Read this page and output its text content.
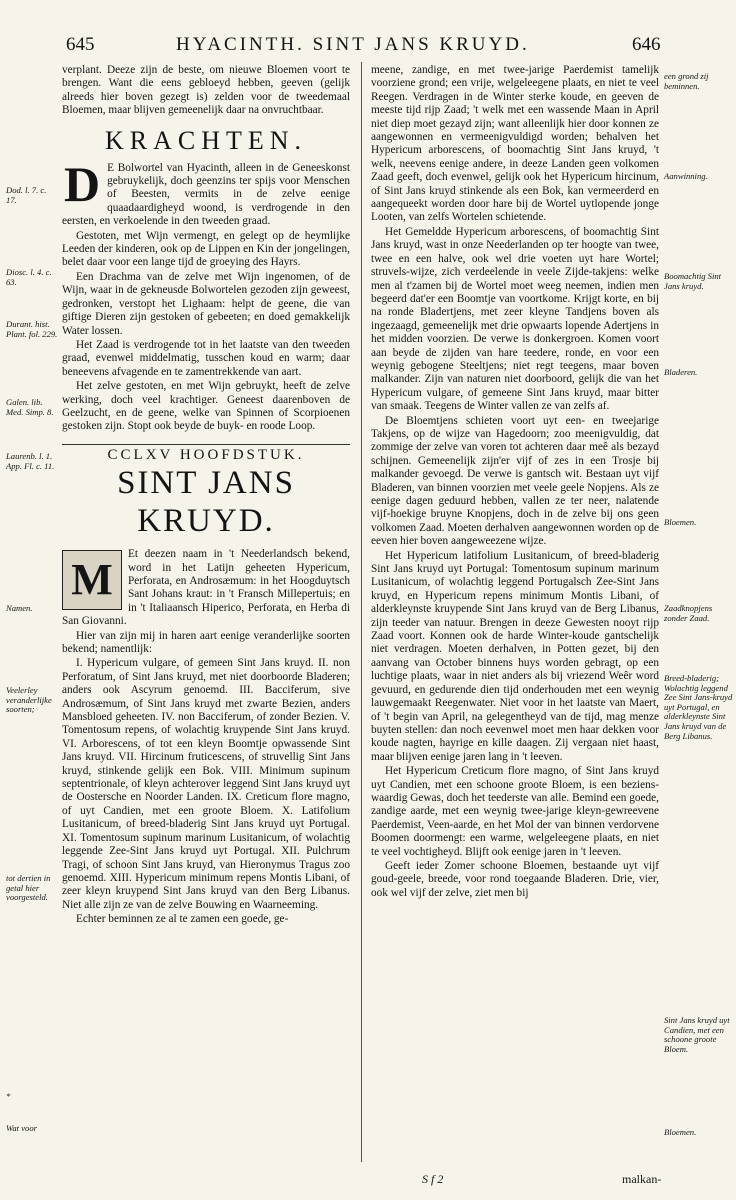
645	HYACINTH. SINT JANS KRUYD.	646

verplant. Deeze zijn de beste, om nieuwe Bloemen voort te brengen. Want die eens gebloeyd hebben, geeven (gelijk alreeds hier boven gezegt is) zelden voor de tweedemaal Bloemen, maar blijven gemeenelijk daar na onvruchtbaar.

KRACHTEN.

D E Bolwortel van Hyacinth, alleen in de Geneeskonst gebruykelijk, doch geenzins ter spijs voor Menschen of Beesten, vermits in de zelve eenige quaadaardigheyd woond, is verdrogende in den eersten, en verkoelende in den tweeden graad.

Gestoten, met Wijn vermengt, en gelegt op de heymlijke Leeden der kinderen, ook op de Lippen en Kin der jongelingen, belet daar voor een lange tijd de groeying des Hayrs.

Een Drachma van de zelve met Wijn ingenomen, of de Wijn, waar in de gekneusde Bolwortelen gezoden zijn geweest, gedronken, verstopt het Lighaam: helpt de geene, die van giftige Dieren zijn gestoken of gebeeten; en doed gemakkelijk Water lossen.

Het Zaad is verdrogende tot in het laatste van den tweeden graad, evenwel middelmatig, tusschen koud en warm; daar beneevens afvagende en te zamentrekkende van aart.

Het zelve gestoten, en met Wijn gebruykt, heeft de zelve werking, doch veel krachtiger. Geneest daarenboven de Geelzucht, en de geene, welke van Spinnen of Scorpioenen gestoken zijn. Stopt ook beyde de buyk- en roode Loop.

CCLXV HOOFDSTUK.
SINT JANS KRUYD.

M
Et deezen naam in 't Neederlandsch bekend, word in het Latijn geheeten Hypericum, Perforata, en Androsæmum: in het Hoogduytsch Sant Johans kraut: in 't Fransch Millepertuis; en in 't Italiaansch Hiperico, Perforata, en Herba di San Giovanni.

Hier van zijn mij in haren aart eenige veranderlijke soorten bekend; namentlijk:

I. Hypericum vulgare, of gemeen Sint Jans kruyd. II. non Perforatum, of Sint Jans kruyd, met niet doorboorde Bladeren; anders ook Ascyrum genoemd. III. Bacciferum, sive Androsæmum, of Sint Jans kruyd met zwarte Bezien, anders Mansbloed geheeten. IV. non Bacciferum, of zonder Bezien. V. Tomentosum repens, of wolachtig kruypende Sint Jans kruyd. VI. Arborescens, of tot een kleyn Boomtje opwassende Sint Jans kruyd. VII. Hircinum fruticescens, of struvellig Sint Jans kruyd, stinkende gelijk een Bok. VIII. Minimum supinum septentrionale, of kleyn achterover leggend Sint Jans kruyd uyt de Oostersche en Noorder Landen. IX. Creticum flore magno, of uyt Candien, met een groote Bloem. X. Latifolium Lusitanicum, of breed-bladerig Sint Jans kruyd uyt Portugal. XI. Tomentosum supinum marinum Lusitanicum, of wolachtig leggende Zee-Sint Jans kruyd uyt Portugal. XII. Pulchrum Tragi, of schoon Sint Jans kruyd, van Hieronymus Tragus zoo genoemd. XIII. Hypericum minimum repens Montis Libani, of zeer kleyn kruypend Sint Jans kruyd van den Berg Libanus. Niet alle zijn ze van de zelve Bouwing en Waarneeming.

Echter beminnen ze al te zamen een goede, ge-

meene, zandige, en met twee-jarige Paerdemist tamelijk voorziene grond; een vrije, welgeleegene plaats, en niet te veel Reegen. Verdragen in de Winter sterke koude, en geeven de meeste tijd rijp Zaad; 't welk met een wassende Maan in April niet diep moet gezayd zijn; want alleenlijk hier door konnen ze aangewonnen en vermeenigvuldigd worden; behalven het Hypericum arborescens, of boomachtig Sint Jans kruyd, 't welk, neevens eenige andere, in deeze Landen geen volkomen Zaad geeft, doch evenwel, gelijk ook het Hypericum hircinum, of Sint Jans kruyd stinkende als een Bok, kan vermeerderd en aangequeekt worden door hare bij de Wortel uytlopende jonge Looten, van zelfs Wortelen schietende.

Het Gemeldde Hypericum arborescens, of boomachtig Sint Jans kruyd, wast in onze Neederlanden op ter hoogte van twee, twee en een halve, ook wel drie voeten uyt hare Wortel; struvels-wijze, zich verdeelende in veele Zijde-takjens: welke men al t'zamen bij de Wortel moet weeg neemen, indien men begeerd dat'er een Boomtje van voortkome. Krijgt korte, en bij na ronde Bladertjens, met zeer kleyne Tandjens boven als ingezaagd, gemeenelijk met drie opwaarts lopende Adertjens in het midden voorzien. De verwe is donkergroen. Komen voort aan beyde de zijden van hare teedere, ronde, en voor een weynig gebogene Steeltjens; niet regt teegens, maar boven malkander. Zijn van naturen niet doorboord, gelijk die van het Hypericum vulgare, of gemeene Sint Jans kruyd, maar bitter van smaak. Teegens de Winter vallen ze van zelfs af.

De Bloemtjens schieten voort uyt een- en tweejarige Takjens, op de wijze van Hagedoorn; zoo meenigvuldig, dat zommige der zelve van voren tot achteren daar meê als bezayd schijnen. Gemeenelijk zijn'er vijf of zes in een Trosje bij malkander gevoegd. De verwe is gantsch wit. Bestaan uyt vijf Bladeren, van binnen voorzien met veele geele Nopjens. Als ze eenige dagen geduurd hebben, vallen ze ter neer, nalatende vijf-hoekige bruyne Knopjens, doch in de zelve bij ons geen volkomen Zaad. Moeten derhalven aangewonnen worden op de eeven hier boven aangeweezene wijze.

Het Hypericum latifolium Lusitanicum, of breed-bladerig Sint Jans kruyd uyt Portugal: Tomentosum supinum marinum Lusitanicum, of wolachtig leggend Portugalsch Zee-Sint Jans kruyd, en Hypericum repens minimum Montis Libani, of alderkleynste kruypende Sint Jans kruyd van de Berg Libanus, zijn teeder van natuur. Brengen in deeze Gewesten nooyt rijp Zaad voort. Konnen ook de harde Winter-koude gantschelijk niet verdragen. Moeten derhalven, in Potten gezet, bij den aanvang van October binnens huys worden gebragt, op een luchtige plaats, waar in niet anders als bij vriezend Weêr word gevuurd, en gedurende dien tijd onderhouden met een weynig lauwgemaakt Reegenwater. Niet voor in het laatste van Maert, of 't begin van April, na gelegentheyd van de tijd, mag menze buyten stellen: dan noch eevenwel moet men haar dekken voor koude nagten, hayrige en kille daagen. Zij vergaan niet haast, maar blijven eenige jaren lang in 't leeven.

Het Hypericum Creticum flore magno, of Sint Jans kruyd uyt Candien, met een schoone groote Bloem, is een beziens-waardig Gewas, doch het teederste van alle. Bemind een goede, zandige aarde, met een weynig twee-jarige kleyn-gewreevene Paerdemist, Veen-aarde, en het Mol der van binnen verdorvene Boomen doormengt: een warme, welgeleegene plaats, en niet te veel vochtigheyd. Blijft ook eenige jaren in 't leeven.

Geeft ieder Zomer schoone Bloemen, bestaande uyt vijf goud-geele, breede, voor rond toegaande Bladeren. Drie, vier, ook wel vijf der zelve, ziet men bij

Dod. l. 7. c. 17.
Diosc. l. 4. c. 63.
Durant. hist. Plant. fol. 229.
Galen. lib. Med. Simp. 8.
Laurenb. l. 1. App. Fl. c. 11.
Namen.
Veelerley veranderlijke soorten;
tot dertien in getal hier voorgesteld.
*
Wat voor
een grond zij beminnen.
Aanwinning.
Boomachtig Sint Jans kruyd.
Bladeren.
Bloemen.
Zaadknopjens zonder Zaad.
Breed-bladerig; Wolachtig leggend Zee Sint Jans-kruyd uyt Portugal, en alderkleynste Sint Jans kruyd van de Berg Libanus.
Sint Jans kruyd uyt Candien, met een schoone groote Bloem.
Bloemen.
S f 2	malkan-
